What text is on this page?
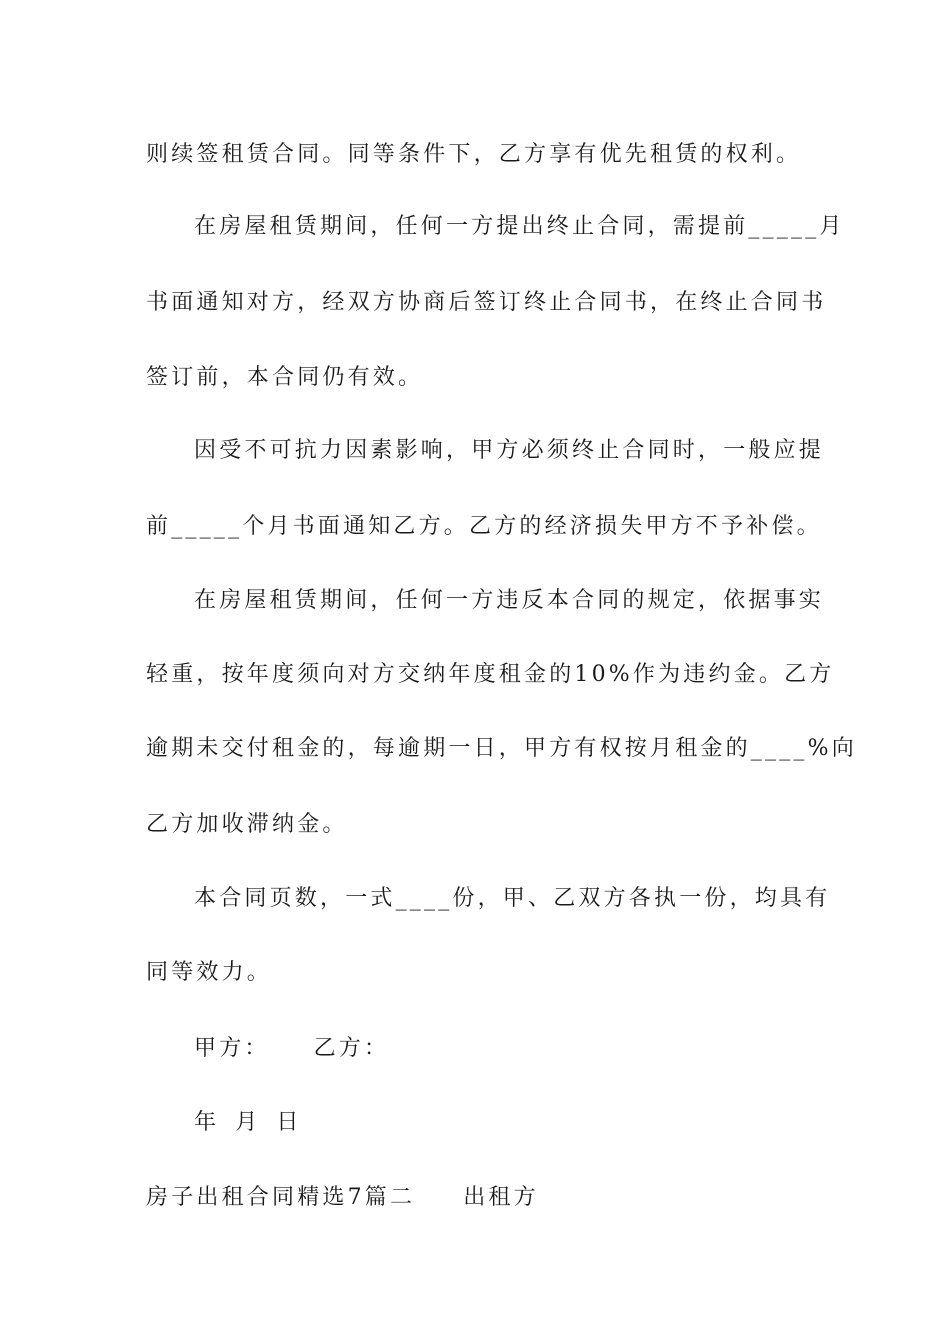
则续签租赁合同。同等条件下，乙方享有优先租赁的权利。
在房屋租赁期间，任何一方提出终止合同，需提前_____月
书面通知对方，经双方协商后签订终止合同书，在终止合同书
签订前，本合同仍有效。
因受不可抗力因素影响，甲方必须终止合同时，一般应提
前_____个月书面通知乙方。乙方的经济损失甲方不予补偿。
在房屋租赁期间，任何一方违反本合同的规定，依据事实
轻重，按年度须向对方交纳年度租金的10%作为违约金。乙方
逾期未交付租金的，每逾期一日，甲方有权按月租金的____%向
乙方加收滞纳金。
本合同页数，一式____份，甲、乙双方各执一份，均具有
同等效力。
甲方： 乙方：
年 月 日
房子出租合同精选7篇二 出租方
